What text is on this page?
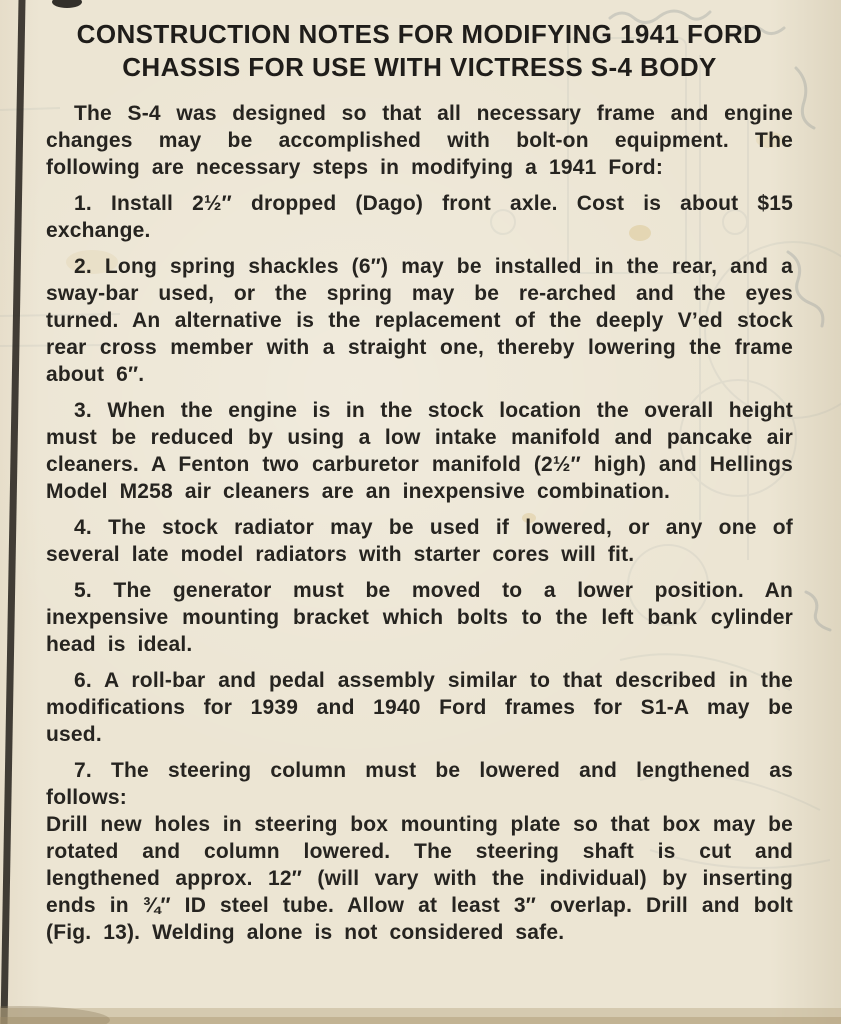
CONSTRUCTION NOTES FOR MODIFYING 1941 FORD
CHASSIS FOR USE WITH VICTRESS S-4 BODY

The S-4 was designed so that all necessary frame and engine changes may be accomplished with bolt-on equipment. The following are necessary steps in modifying a 1941 Ford:

1. Install 2½″ dropped (Dago) front axle. Cost is about $15 exchange.

2. Long spring shackles (6″) may be installed in the rear, and a sway-bar used, or the spring may be re-arched and the eyes turned. An alternative is the replacement of the deeply V’ed stock rear cross member with a straight one, thereby lowering the frame about 6″.

3. When the engine is in the stock location the overall height must be reduced by using a low intake manifold and pancake air cleaners. A Fenton two carburetor manifold (2½″ high) and Hellings Model M258 air cleaners are an inexpensive combination.

4. The stock radiator may be used if lowered, or any one of several late model radiators with starter cores will fit.

5. The generator must be moved to a lower position. An inexpensive mounting bracket which bolts to the left bank cylinder head is ideal.

6. A roll-bar and pedal assembly similar to that described in the modifications for 1939 and 1940 Ford frames for S1-A may be used.

7. The steering column must be lowered and lengthened as follows:

Drill new holes in steering box mounting plate so that box may be rotated and column lowered. The steering shaft is cut and lengthened approx. 12″ (will vary with the individual) by inserting ends in ¾″ ID steel tube. Allow at least 3″ overlap. Drill and bolt (Fig. 13). Welding alone is not considered safe.
